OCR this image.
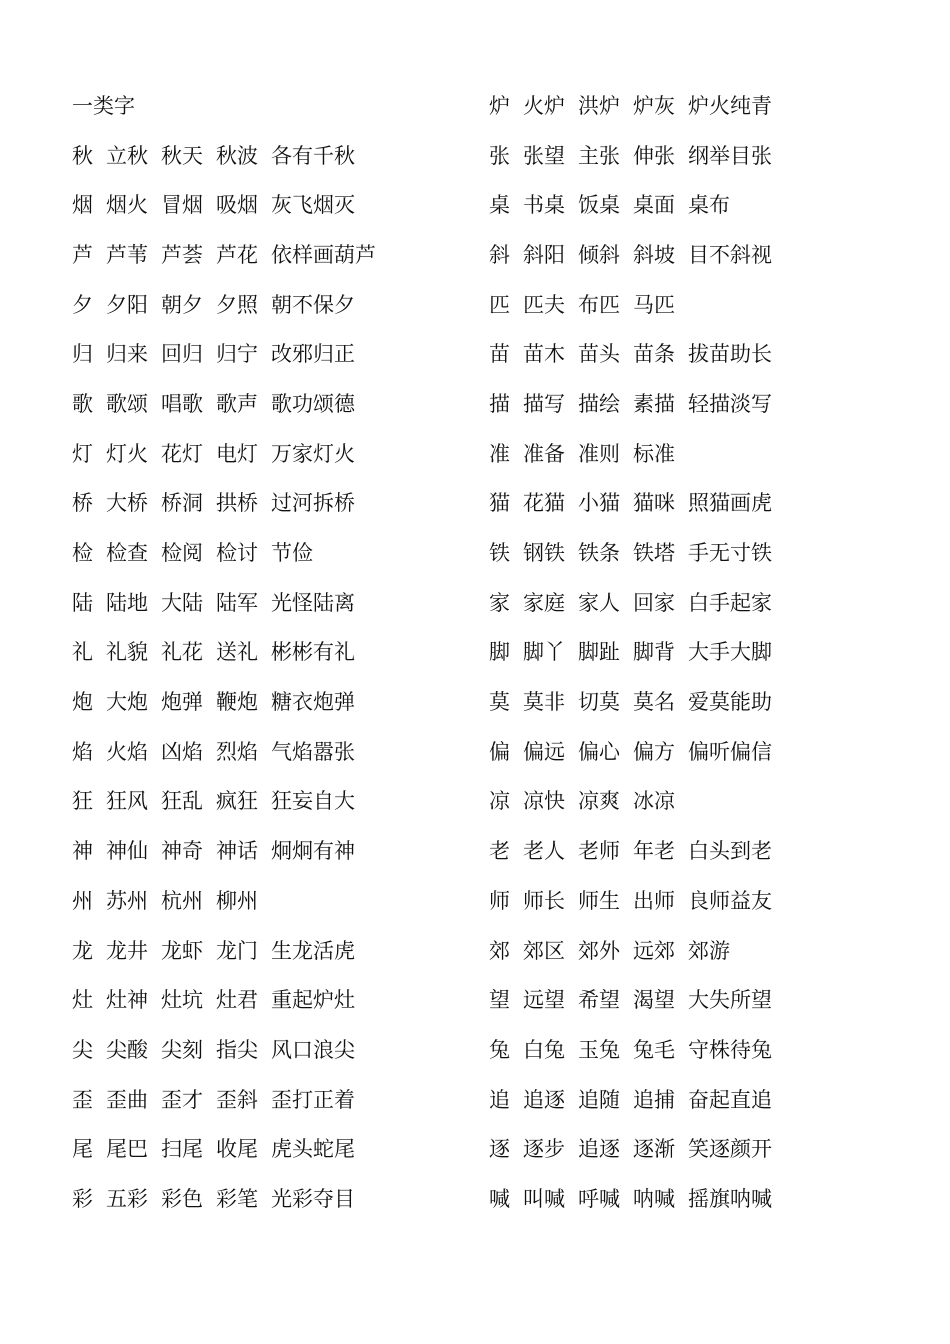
一类字
秋 立秋 秋天 秋波 各有千秋
烟 烟火 冒烟 吸烟 灰飞烟灭
芦 芦苇 芦荟 芦花 依样画葫芦
夕 夕阳 朝夕 夕照 朝不保夕
归 归来 回归 归宁 改邪归正
歌 歌颂 唱歌 歌声 歌功颂德
灯 灯火 花灯 电灯 万家灯火
桥 大桥 桥洞 拱桥 过河拆桥
检 检查 检阅 检讨 节俭
陆 陆地 大陆 陆军 光怪陆离
礼 礼貌 礼花 送礼 彬彬有礼
炮 大炮 炮弹 鞭炮 糖衣炮弹
焰 火焰 凶焰 烈焰 气焰嚣张
狂 狂风 狂乱 疯狂 狂妄自大
神 神仙 神奇 神话 炯炯有神
州 苏州 杭州 柳州
龙 龙井 龙虾 龙门 生龙活虎
灶 灶神 灶坑 灶君 重起炉灶
尖 尖酸 尖刻 指尖 风口浪尖
歪 歪曲 歪才 歪斜 歪打正着
尾 尾巴 扫尾 收尾 虎头蛇尾
彩 五彩 彩色 彩笔 光彩夺目
炉 火炉 洪炉 炉灰 炉火纯青
张 张望 主张 伸张 纲举目张
桌 书桌 饭桌 桌面 桌布
斜 斜阳 倾斜 斜坡 目不斜视
匹 匹夫 布匹 马匹
苗 苗木 苗头 苗条 拔苗助长
描 描写 描绘 素描 轻描淡写
准 准备 准则 标准
猫 花猫 小猫 猫咪 照猫画虎
铁 钢铁 铁条 铁塔 手无寸铁
家 家庭 家人 回家 白手起家
脚 脚丫 脚趾 脚背 大手大脚
莫 莫非 切莫 莫名 爱莫能助
偏 偏远 偏心 偏方 偏听偏信
凉 凉快 凉爽 冰凉
老 老人 老师 年老 白头到老
师 师长 师生 出师 良师益友
郊 郊区 郊外 远郊 郊游
望 远望 希望 渴望 大失所望
兔 白兔 玉兔 兔毛 守株待兔
追 追逐 追随 追捕 奋起直追
逐 逐步 追逐 逐渐 笑逐颜开
喊 叫喊 呼喊 呐喊 摇旗呐喊
